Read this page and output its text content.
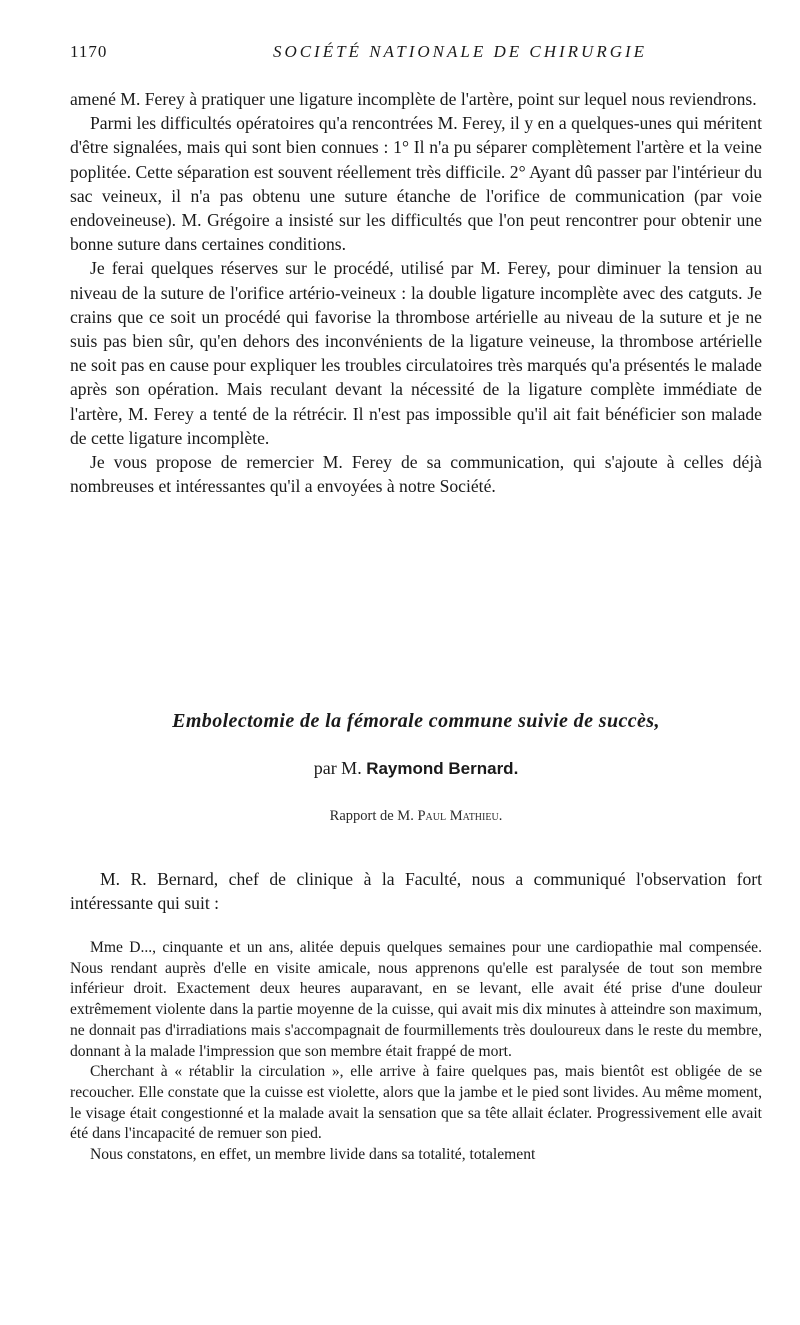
1170	SOCIÉTÉ NATIONALE DE CHIRURGIE

amené M. Ferey à pratiquer une ligature incomplète de l'artère, point sur lequel nous reviendrons.

Parmi les difficultés opératoires qu'a rencontrées M. Ferey, il y en a quelques-unes qui méritent d'être signalées, mais qui sont bien connues : 1° Il n'a pu séparer complètement l'artère et la veine poplitée. Cette séparation est souvent réellement très difficile. 2° Ayant dû passer par l'intérieur du sac veineux, il n'a pas obtenu une suture étanche de l'orifice de communication (par voie endoveineuse). M. Grégoire a insisté sur les difficultés que l'on peut rencontrer pour obtenir une bonne suture dans certaines conditions.

Je ferai quelques réserves sur le procédé, utilisé par M. Ferey, pour diminuer la tension au niveau de la suture de l'orifice artério-veineux : la double ligature incomplète avec des catguts. Je crains que ce soit un procédé qui favorise la thrombose artérielle au niveau de la suture et je ne suis pas bien sûr, qu'en dehors des inconvénients de la ligature veineuse, la thrombose artérielle ne soit pas en cause pour expliquer les troubles circulatoires très marqués qu'a présentés le malade après son opération. Mais reculant devant la nécessité de la ligature complète immédiate de l'artère, M. Ferey a tenté de la rétrécir. Il n'est pas impossible qu'il ait fait bénéficier son malade de cette ligature incomplète.

Je vous propose de remercier M. Ferey de sa communication, qui s'ajoute à celles déjà nombreuses et intéressantes qu'il a envoyées à notre Société.

Embolectomie de la fémorale commune suivie de succès,
par M. Raymond Bernard.
Rapport de M. Paul Mathieu.

M. R. Bernard, chef de clinique à la Faculté, nous a communiqué l'observation fort intéressante qui suit :

Mme D..., cinquante et un ans, alitée depuis quelques semaines pour une cardiopathie mal compensée. Nous rendant auprès d'elle en visite amicale, nous apprenons qu'elle est paralysée de tout son membre inférieur droit. Exactement deux heures auparavant, en se levant, elle avait été prise d'une douleur extrêmement violente dans la partie moyenne de la cuisse, qui avait mis dix minutes à atteindre son maximum, ne donnait pas d'irradiations mais s'accompagnait de fourmillements très douloureux dans le reste du membre, donnant à la malade l'impression que son membre était frappé de mort.

Cherchant à « rétablir la circulation », elle arrive à faire quelques pas, mais bientôt est obligée de se recoucher. Elle constate que la cuisse est violette, alors que la jambe et le pied sont livides. Au même moment, le visage était congestionné et la malade avait la sensation que sa tête allait éclater. Progressivement elle avait été dans l'incapacité de remuer son pied.

Nous constatons, en effet, un membre livide dans sa totalité, totalement
